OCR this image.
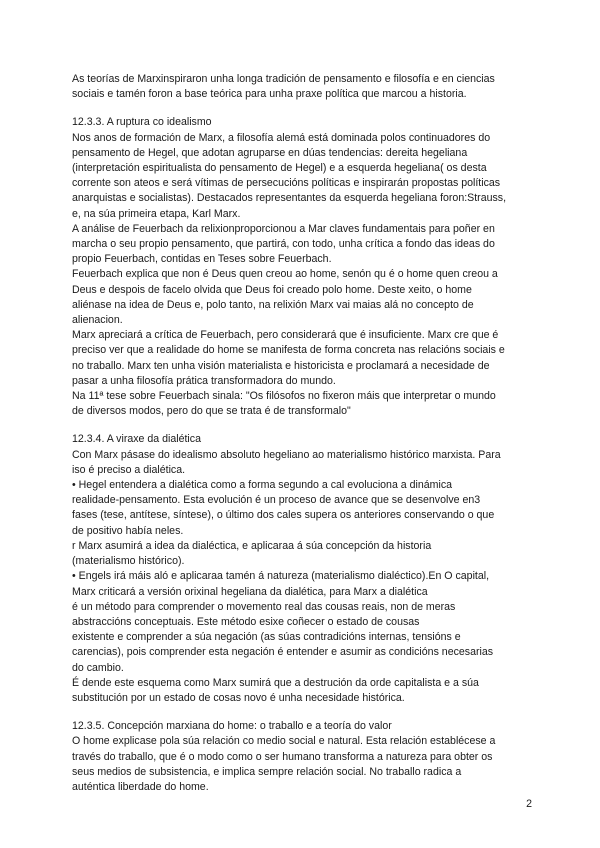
As teorías de Marxinspiraron unha longa tradición de pensamento e filosofía e en ciencias
sociais e tamén foron a base teórica para unha praxe política que marcou a historia.

12.3.3. A ruptura co idealismo

Nos anos de formación de Marx, a filosofía alemá está dominada polos continuadores do
pensamento de Hegel, que adotan agruparse en dúas tendencias: dereita hegeliana
(interpretación espiritualista do pensamento de Hegel) e a esquerda hegeliana( os desta
corrente son ateos e será vítimas de persecucións políticas e inspirarán propostas políticas
anarquistas e socialistas). Destacados representantes da esquerda hegeliana foron:Strauss,
e, na súa primeira etapa, Karl Marx.

A análise de Feuerbach da relixionproporcionou a Mar claves fundamentais para poñer en
marcha o seu propio pensamento, que partirá, con todo, unha crítica a fondo das ideas do
propio Feuerbach, contidas en Teses sobre Feuerbach.

Feuerbach explica que non é Deus quen creou ao home, senón qu é o home quen creou a
Deus e despois de facelo olvida que Deus foi creado polo home. Deste xeito, o home
aliénase na idea de Deus e, polo tanto, na relixión Marx vai maias alá no concepto de
alienacion.

Marx apreciará a crítica de Feuerbach, pero considerará que é insuficiente. Marx cre que é
preciso ver que a realidade do home se manifesta de forma concreta nas relacións sociais e
no traballo. Marx ten unha visión materialista e historicista e proclamará a necesidade de
pasar a unha filosofía prática transformadora do mundo.

Na 11ª tese sobre Feuerbach sinala: "Os filósofos no fixeron máis que interpretar o mundo
de diversos modos, pero do que se trata é de transformalo"

12.3.4. A viraxe da dialética

Con Marx pásase do idealismo absoluto hegeliano ao materialismo histórico marxista. Para
iso é preciso a dialética.

• Hegel entendera a dialética como a forma segundo a cal evoluciona a dinámica
realidade-pensamento. Esta evolución é un proceso de avance que se desenvolve en3
fases (tese, antítese, síntese), o último dos cales supera os anteriores conservando o que
de positivo había neles.

r Marx asumirá a idea da dialéctica, e aplicaraa á súa concepción da historia
(materialismo histórico).

• Engels irá máis aló e aplicaraa tamén á natureza (materialismo dialéctico).En O capital,
Marx criticará a versión orixinal hegeliana da dialética, para Marx a dialética
é un método para comprender o movemento real das cousas reais, non de meras
abstraccións conceptuais. Este método esixe coñecer o estado de cousas
existente e comprender a súa negación (as súas contradicións internas, tensións e
carencias), pois comprender esta negación é entender e asumir as condicións necesarias
do cambio.

É dende este esquema como Marx sumirá que a destrución da orde capitalista e a súa
substitución por un estado de cosas novo é unha necesidade histórica.

12.3.5. Concepción marxiana do home: o traballo e a teoría do valor

O home explicase pola súa relación co medio social e natural. Esta relación establécese a
través do traballo, que é o modo como o ser humano transforma a natureza para obter os
seus medios de subsistencia, e implica sempre relación social. No traballo radica a
auténtica liberdade do home.

2
